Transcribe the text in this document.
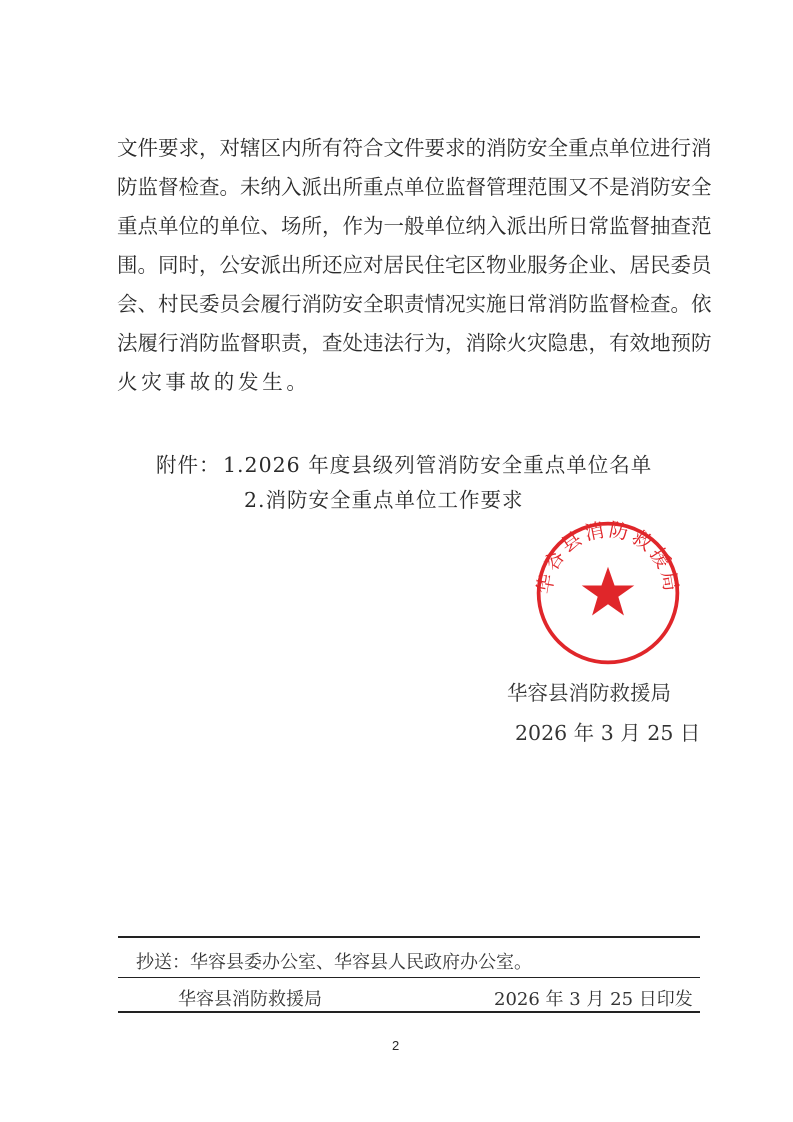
文件要求，对辖区内所有符合文件要求的消防安全重点单位进行消
防监督检查。未纳入派出所重点单位监督管理范围又不是消防安全
重点单位的单位、场所，作为一般单位纳入派出所日常监督抽查范
围。同时，公安派出所还应对居民住宅区物业服务企业、居民委员
会、村民委员会履行消防安全职责情况实施日常消防监督检查。依
法履行消防监督职责，查处违法行为，消除火灾隐患，有效地预防
火灾事故的发生。
附件： 1.2026 年度县级列管消防安全重点单位名单
2.消防安全重点单位工作要求
华容县消防救援局
华容县消防救援局
2026 年 3 月 25 日
抄送：华容县委办公室、华容县人民政府办公室。
华容县消防救援局	2026 年 3 月 25 日印发
2
